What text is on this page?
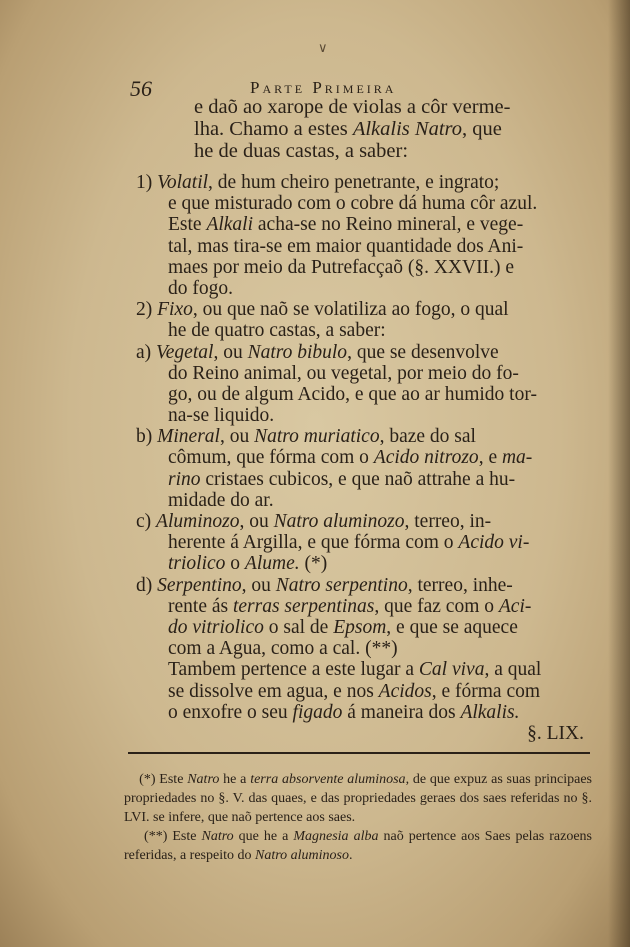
∨
56	Parte Primeira
e daõ ao xarope de violas a côr verme-
lha. Chamo a estes Alkalis Natro, que
he de duas castas, a saber:
1) Volatil, de hum cheiro penetrante, e ingrato;
e que misturado com o cobre dá huma côr azul.
Este Alkali acha-se no Reino mineral, e vege-
tal, mas tira-se em maior quantidade dos Ani-
maes por meio da Putrefacçaõ (§. XXVII.) e
do fogo.
2) Fixo, ou que naõ se volatiliza ao fogo, o qual
he de quatro castas, a saber:
a) Vegetal, ou Natro bibulo, que se desenvolve
do Reino animal, ou vegetal, por meio do fo-
go, ou de algum Acido, e que ao ar humido tor-
na-se liquido.
b) Mineral, ou Natro muriatico, baze do sal
cômum, que fórma com o Acido nitrozo, e ma-
rino cristaes cubicos, e que naõ attrahe a hu-
midade do ar.
c) Aluminozo, ou Natro aluminozo, terreo, in-
herente á Argilla, e que fórma com o Acido vi-
triolico o Alume. (*)
d) Serpentino, ou Natro serpentino, terreo, inhe-
rente ás terras serpentinas, que faz com o Aci-
do vitriolico o sal de Epsom, e que se aquece
com a Agua, como a cal. (**)
Tambem pertence a este lugar a Cal viva, a qual
se dissolve em agua, e nos Acidos, e fórma com
o enxofre o seu figado á maneira dos Alkalis.
§. LIX.
(*) Este Natro he a terra absorvente aluminosa, de que expuz as suas principaes propriedades no §. V. das quaes, e das propriedades geraes dos saes referidas no §. LVI. se infere, que naõ pertence aos saes.
(**) Este Natro que he a Magnesia alba naõ pertence aos Saes pelas razoens referidas, a respeito do Natro aluminoso.
